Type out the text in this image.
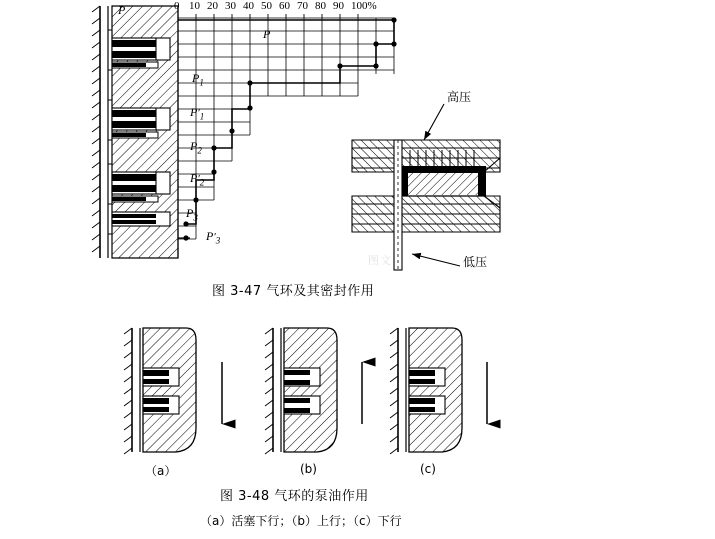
0 10 20 30 40 50 60 70 80 90 100%
P
P
$P_1$
$P'_1$
$P_2$
$P'_2$
$P_3$
$P'_3$
高压
低压
图文
图 3-47 气环及其密封作用
（a）	(b)	(c)
图 3-48 气环的泵油作用
（a）活塞下行；（b）上行；（c）下行
